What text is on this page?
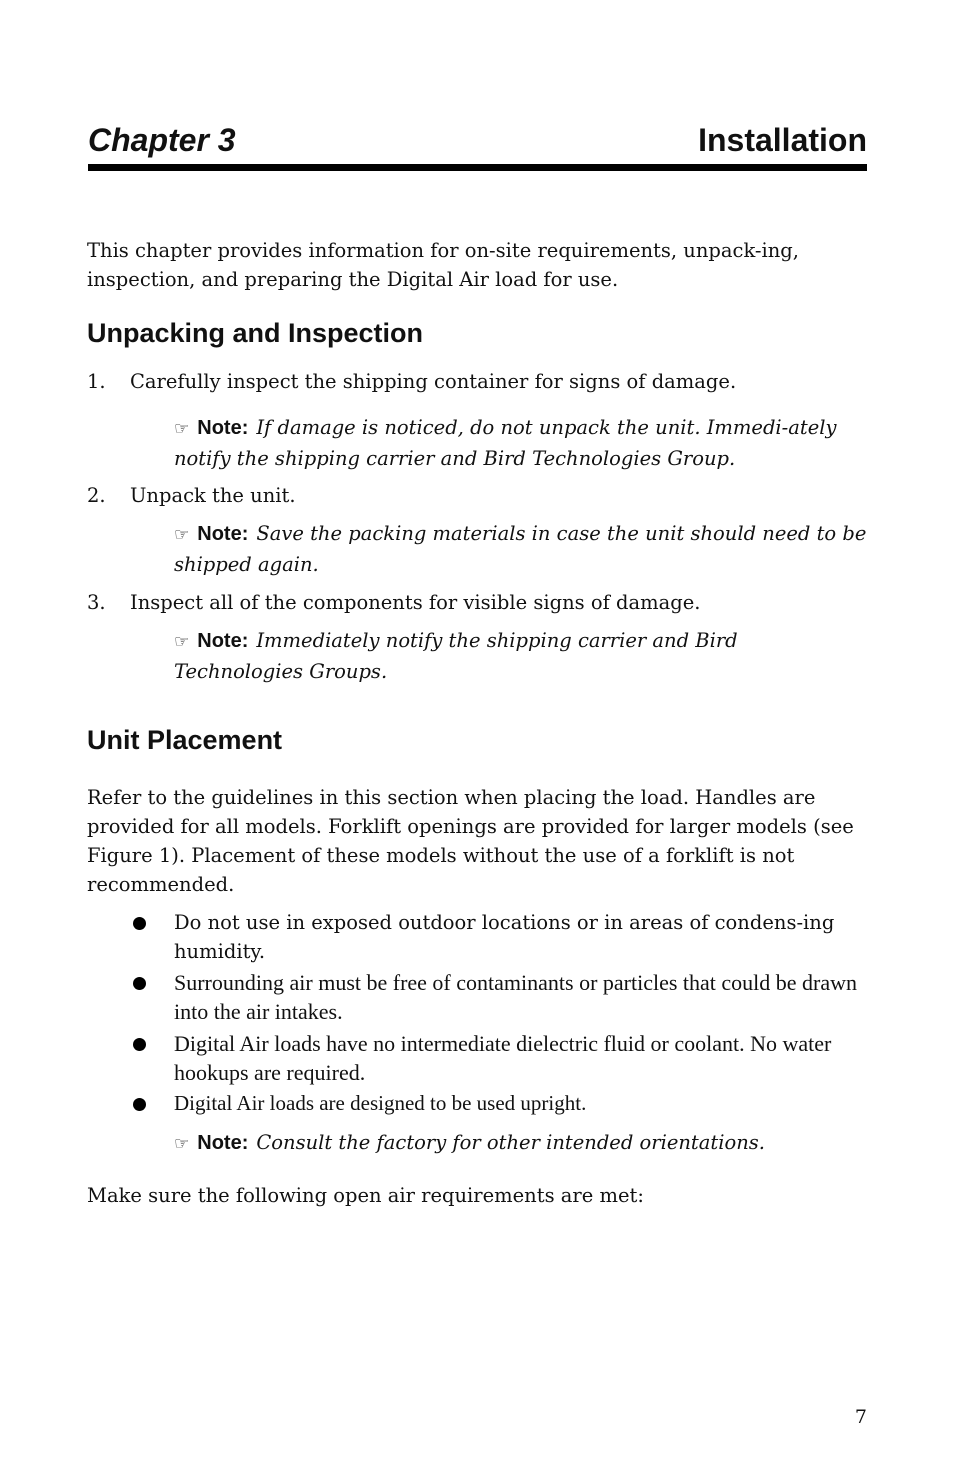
Chapter 3	Installation

This chapter provides information for on-site requirements, unpack-ing, inspection, and preparing the Digital Air load for use.

Unpacking and Inspection
1. Carefully inspect the shipping container for signs of damage.
☞ Note: If damage is noticed, do not unpack the unit. Immedi-ately notify the shipping carrier and Bird Technologies Group.
2. Unpack the unit.
☞ Note: Save the packing materials in case the unit should need to be shipped again.
3. Inspect all of the components for visible signs of damage.
☞ Note: Immediately notify the shipping carrier and Bird Technologies Groups.
Unit Placement

Refer to the guidelines in this section when placing the load. Handles are provided for all models. Forklift openings are provided for larger models (see Figure 1). Placement of these models without the use of a forklift is not recommended.

Do not use in exposed outdoor locations or in areas of condens-ing humidity.
Surrounding air must be free of contaminants or particles that could be drawn into the air intakes.
Digital Air loads have no intermediate dielectric fluid or coolant. No water hookups are required.
Digital Air loads are designed to be used upright.
☞ Note: Consult the factory for other intended orientations.

Make sure the following open air requirements are met:

7
